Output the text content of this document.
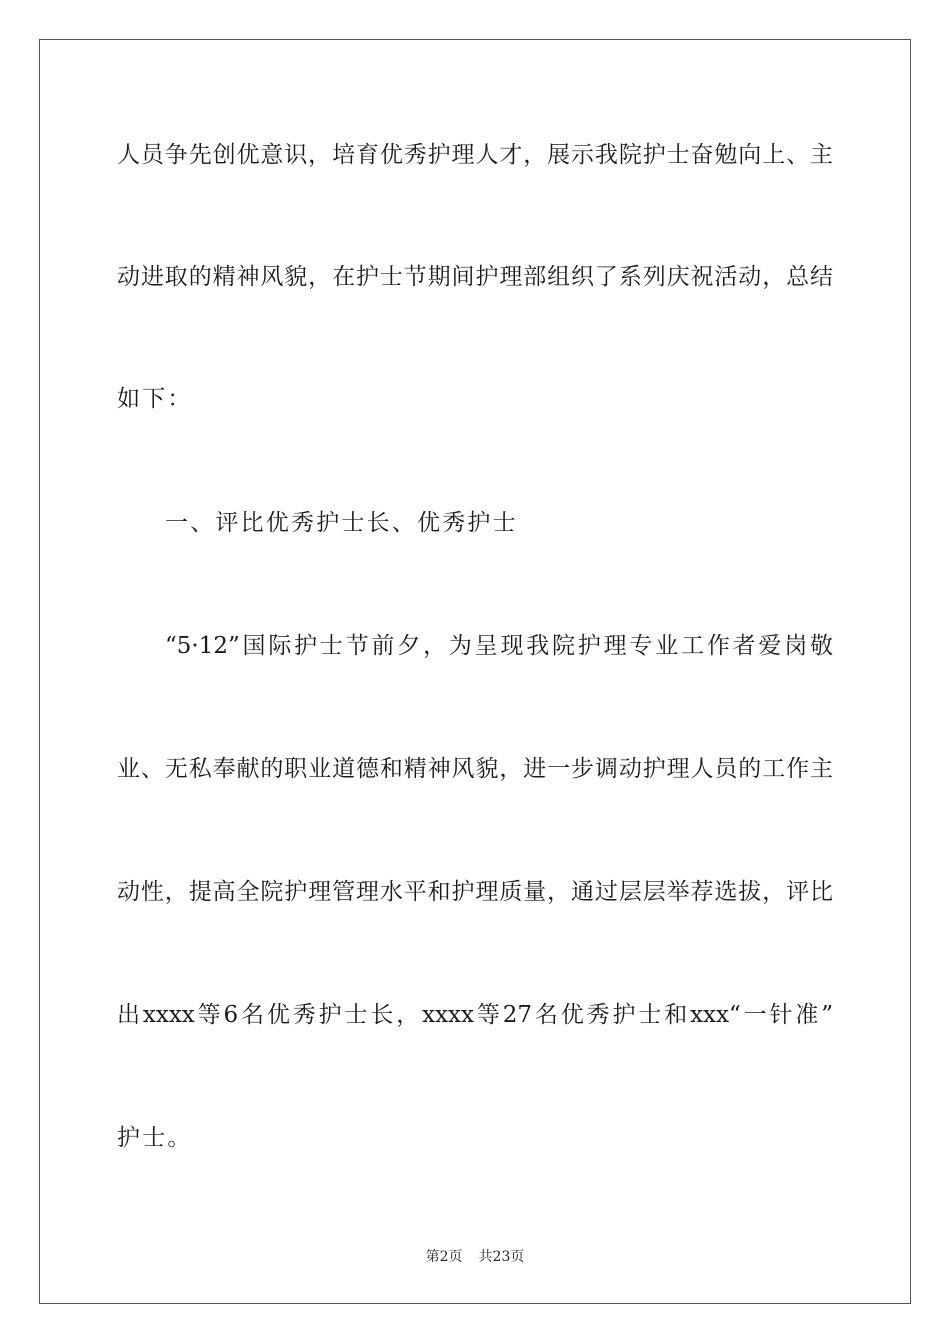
人员争先创优意识，培育优秀护理人才，展示我院护士奋勉向上、主
动进取的精神风貌，在护士节期间护理部组织了系列庆祝活动，总结
如下：
一、评比优秀护士长、优秀护士
“5·12”国际护士节前夕，为呈现我院护理专业工作者爱岗敬
业、无私奉献的职业道德和精神风貌，进一步调动护理人员的工作主
动性，提高全院护理管理水平和护理质量，通过层层举荐选拔，评比
出xxxx等6名优秀护士长，xxxx等27名优秀护士和xxx“一针准”
护士。
第2页 共23页
